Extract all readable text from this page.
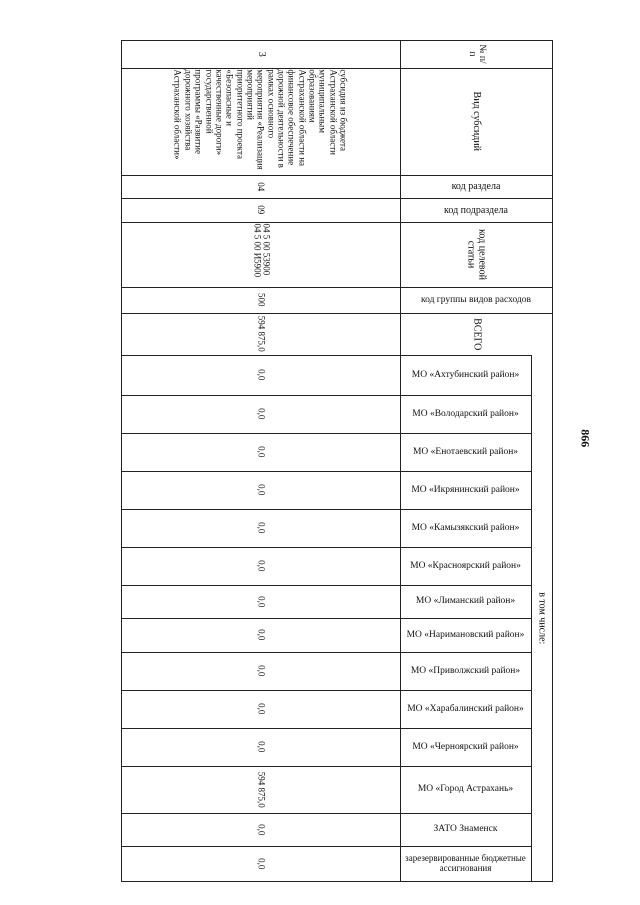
№ п/п
Вид субсидий
код раздела
код подраздела
код целевой статьи
код группы видов расходов
ВСЕГО
в том числе:
3
субсидия из бюджета Астраханской области муниципальным образованиям Астраханской области на финансовое обеспечение дорожной деятельности в рамках основного мероприятия «Реализация мероприятий приоритетного проекта «Безопасные и качественные дороги» государственной программы «Развитие дорожного хозяйства Астраханской области»
04
09
04 5 00 53900 04 5 00 И5900
500
594 875,0
МО «Ахтубинский район»
0,0
МО «Володарский район»
0,0
МО «Енотаевский район»
0,0
МО «Икрянинский район»
0,0
МО «Камызякский район»
0,0
МО «Красноярский район»
0,0
МО «Лиманский район»
0,0
МО «Наримановский район»
0,0
МО «Приволжский район»
0,0
МО «Харабалинский район»
0,0
МО «Черноярский район»
0,0
МО «Город Астрахань»
594 875,0
ЗАТО Знаменск
0,0
зарезервированные бюджетные ассигнования
0,0
866
